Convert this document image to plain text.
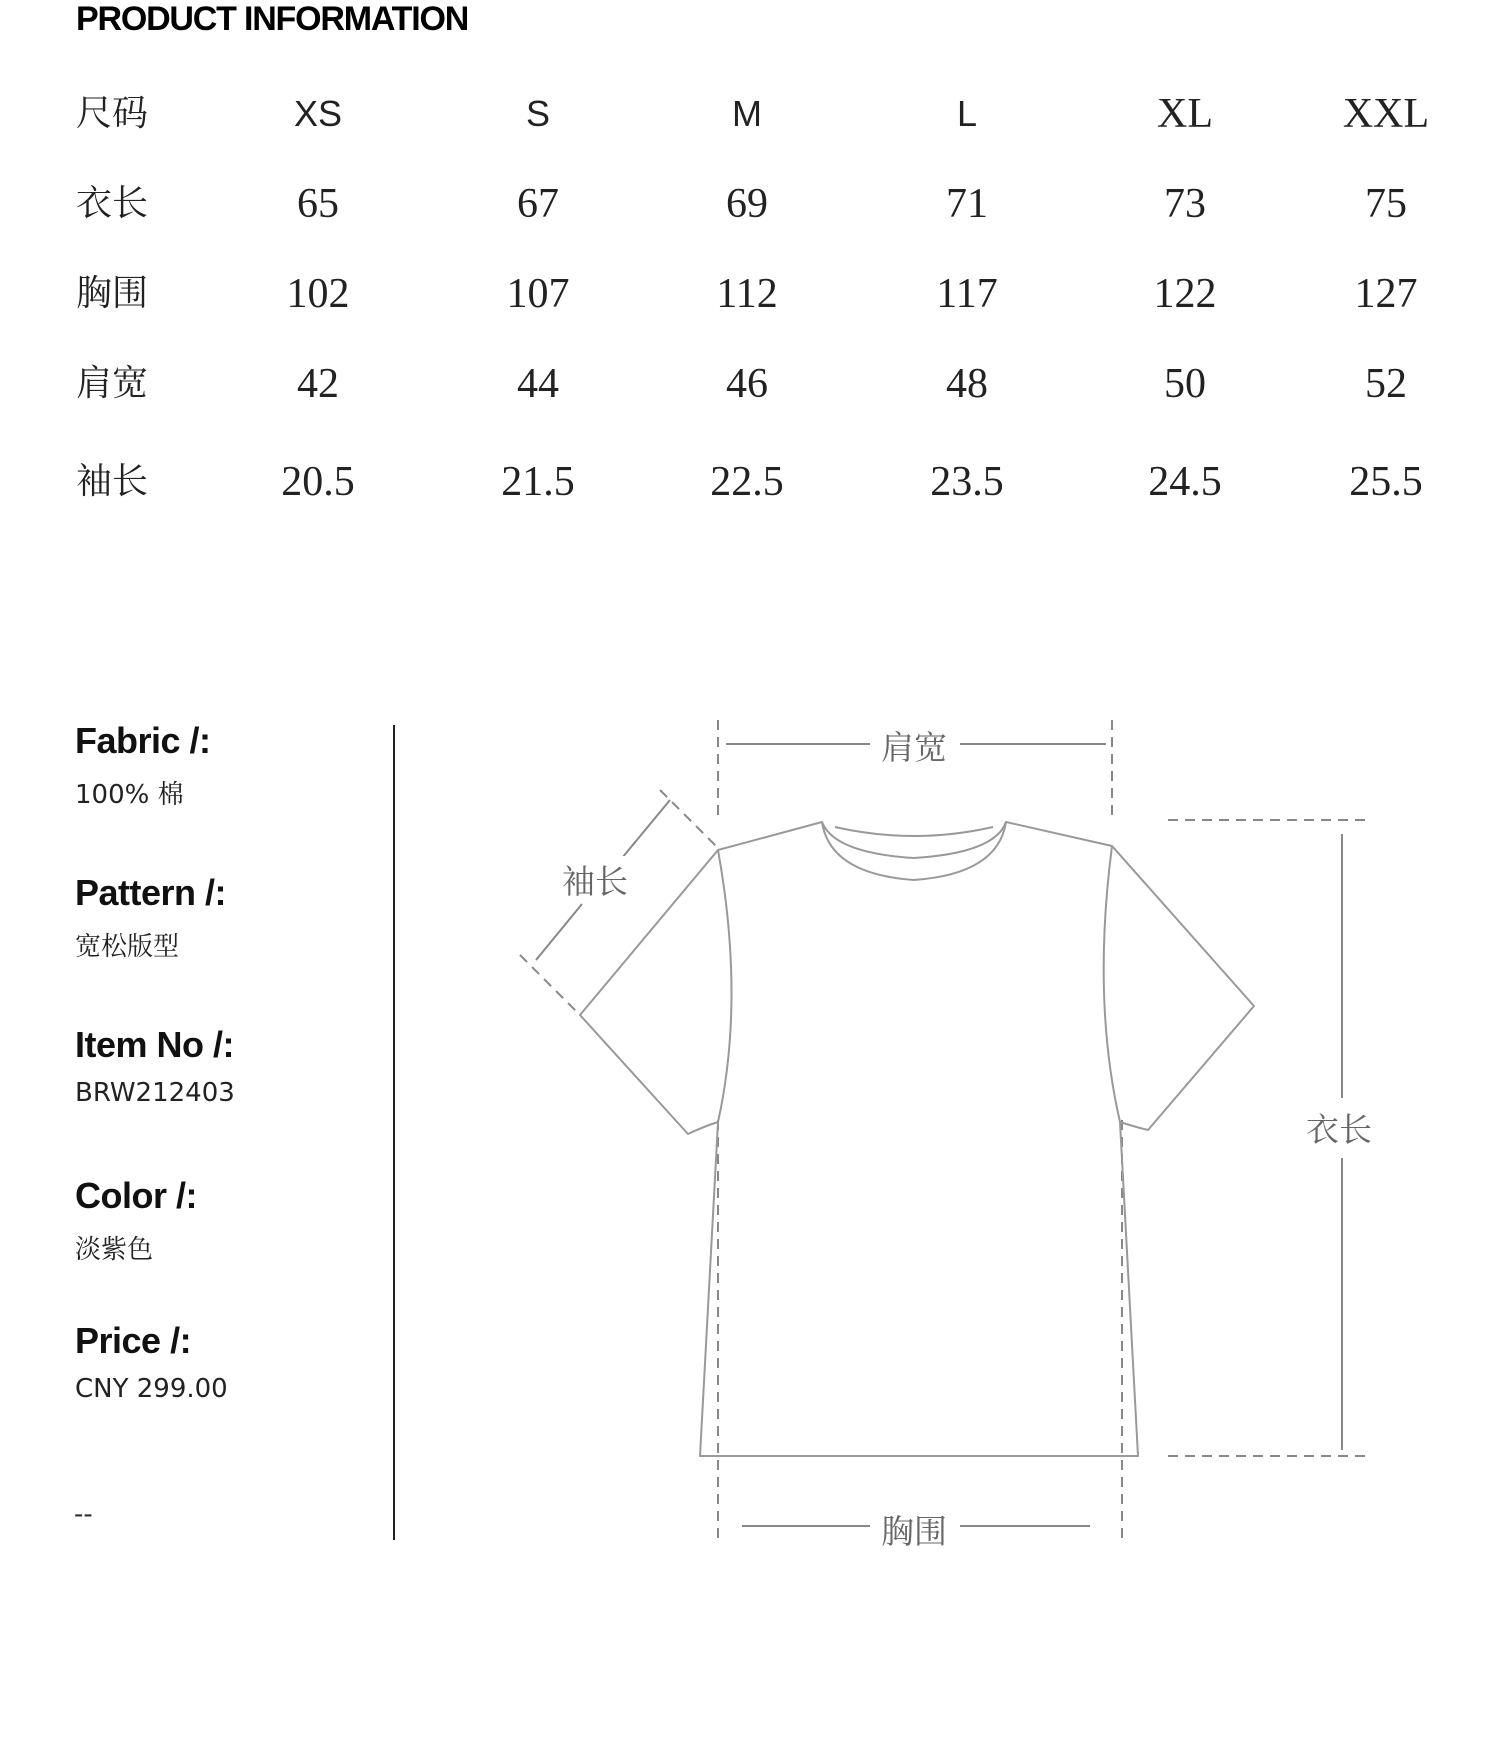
PRODUCT INFORMATION
尺码	XS	S	M	L	XL	XXL
衣长	65	67	69	71	73	75
胸围	102	107	112	117	122	127
肩宽	42	44	46	48	50	52
袖长	20.5	21.5	22.5	23.5	24.5	25.5
Fabric /:
100% 棉
Pattern /:
宽松版型
Item No /:
BRW212403
Color /:
淡紫色
Price /:
CNY 299.00
--
肩宽
袖长
衣长
胸围
